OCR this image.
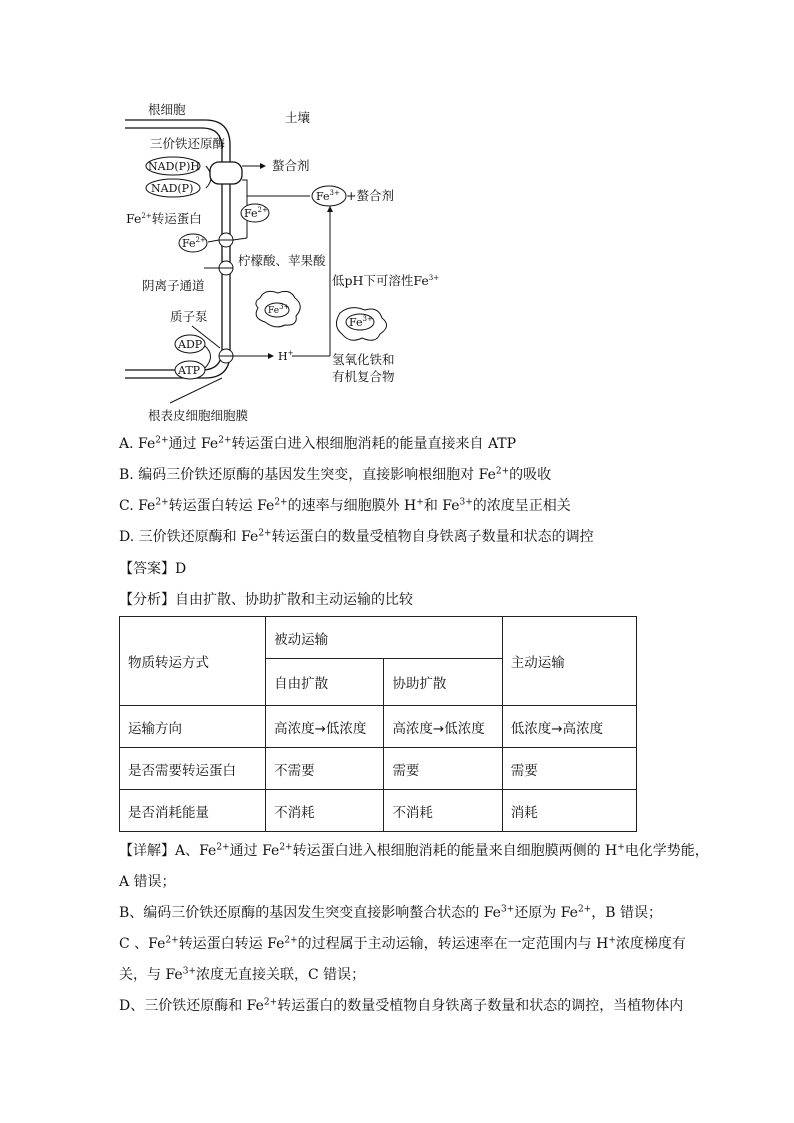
根细胞
土壤
三价铁还原酶
NAD(P)H
NAD(P)
螯合剂
$Fe^{3+}$ +螯合剂
$Fe^{2+}$
$Fe^{2+}$转运蛋白
$Fe^{2+}$
柠檬酸、苹果酸
阴离子通道	低pH下可溶性$Fe^{3+}$
$Fe^{3+}$
$Fe^{3+}$
质子泵
ADP
ATP
H+	氢氧化铁和
有机复合物
根表皮细胞细胞膜
A. $Fe^{2+}$通过 $Fe^{2+}$转运蛋白进入根细胞消耗的能量直接来自 ATP
B. 编码三价铁还原酶的基因发生突变，直接影响根细胞对 $Fe^{2+}$的吸收
C. $Fe^{2+}$转运蛋白转运 $Fe^{2+}$的速率与细胞膜外 H+和 $Fe^{3+}$的浓度呈正相关
D. 三价铁还原酶和 $Fe^{2+}$转运蛋白的数量受植物自身铁离子数量和状态的调控
【答案】D
【分析】自由扩散、协助扩散和主动运输的比较
物质转运方式	被动运输		主动运输
	自由扩散	协助扩散	
运输方向	高浓度→低浓度	高浓度→低浓度	低浓度→高浓度
是否需要转运蛋白	不需要	需要	需要
是否消耗能量	不消耗	不消耗	消耗
【详解】A、$Fe^{2+}$通过 $Fe^{2+}$转运蛋白进入根细胞消耗的能量来自细胞膜两侧的 H+电化学势能，
A 错误；
B、编码三价铁还原酶的基因发生突变直接影响螯合状态的 $Fe^{3+}$还原为 $Fe^{2+}$，B 错误；
C 、$Fe^{2+}$转运蛋白转运 $Fe^{2+}$的过程属于主动运输，转运速率在一定范围内与 H+浓度梯度有
关，与 $Fe^{3+}$浓度无直接关联，C 错误；
D、三价铁还原酶和 $Fe^{2+}$转运蛋白的数量受植物自身铁离子数量和状态的调控，当植物体内
